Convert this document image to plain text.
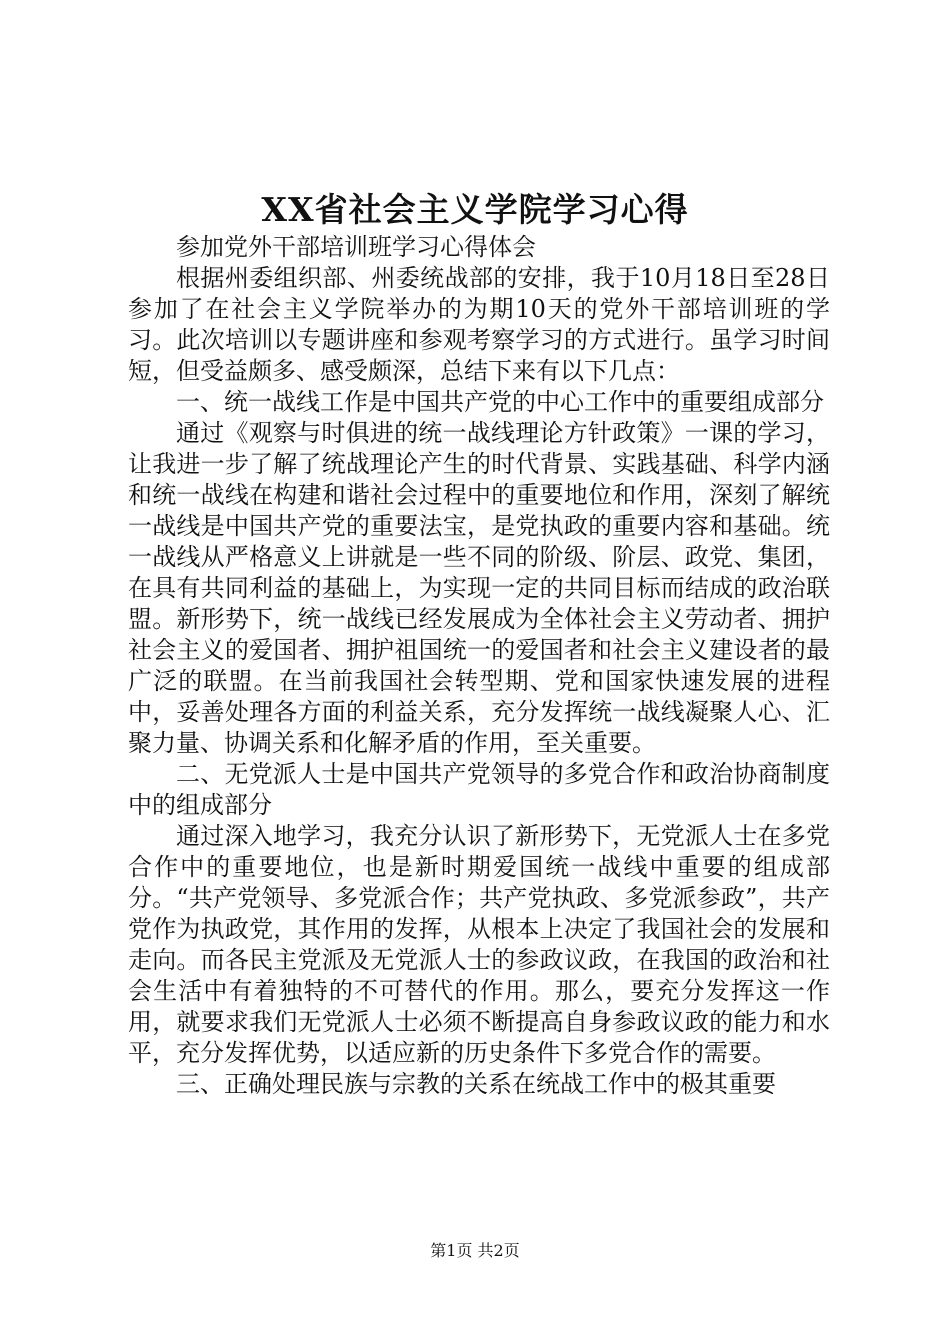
XX省社会主义学院学习心得

参加党外干部培训班学习心得体会

根据州委组织部、州委统战部的安排，我于10月18日至28日参加了在社会主义学院举办的为期10天的党外干部培训班的学习。此次培训以专题讲座和参观考察学习的方式进行。虽学习时间短，但受益颇多、感受颇深，总结下来有以下几点：

一、统一战线工作是中国共产党的中心工作中的重要组成部分

通过《观察与时俱进的统一战线理论方针政策》一课的学习，让我进一步了解了统战理论产生的时代背景、实践基础、科学内涵和统一战线在构建和谐社会过程中的重要地位和作用，深刻了解统一战线是中国共产党的重要法宝，是党执政的重要内容和基础。统一战线从严格意义上讲就是一些不同的阶级、阶层、政党、集团，在具有共同利益的基础上，为实现一定的共同目标而结成的政治联盟。新形势下，统一战线已经发展成为全体社会主义劳动者、拥护社会主义的爱国者、拥护祖国统一的爱国者和社会主义建设者的最广泛的联盟。在当前我国社会转型期、党和国家快速发展的进程中，妥善处理各方面的利益关系，充分发挥统一战线凝聚人心、汇聚力量、协调关系和化解矛盾的作用，至关重要。

二、无党派人士是中国共产党领导的多党合作和政治协商制度中的组成部分

通过深入地学习，我充分认识了新形势下，无党派人士在多党合作中的重要地位，也是新时期爱国统一战线中重要的组成部分。“共产党领导、多党派合作；共产党执政、多党派参政”，共产党作为执政党，其作用的发挥，从根本上决定了我国社会的发展和走向。而各民主党派及无党派人士的参政议政，在我国的政治和社会生活中有着独特的不可替代的作用。那么，要充分发挥这一作用，就要求我们无党派人士必须不断提高自身参政议政的能力和水平，充分发挥优势，以适应新的历史条件下多党合作的需要。

三、正确处理民族与宗教的关系在统战工作中的极其重要

第1页 共2页
